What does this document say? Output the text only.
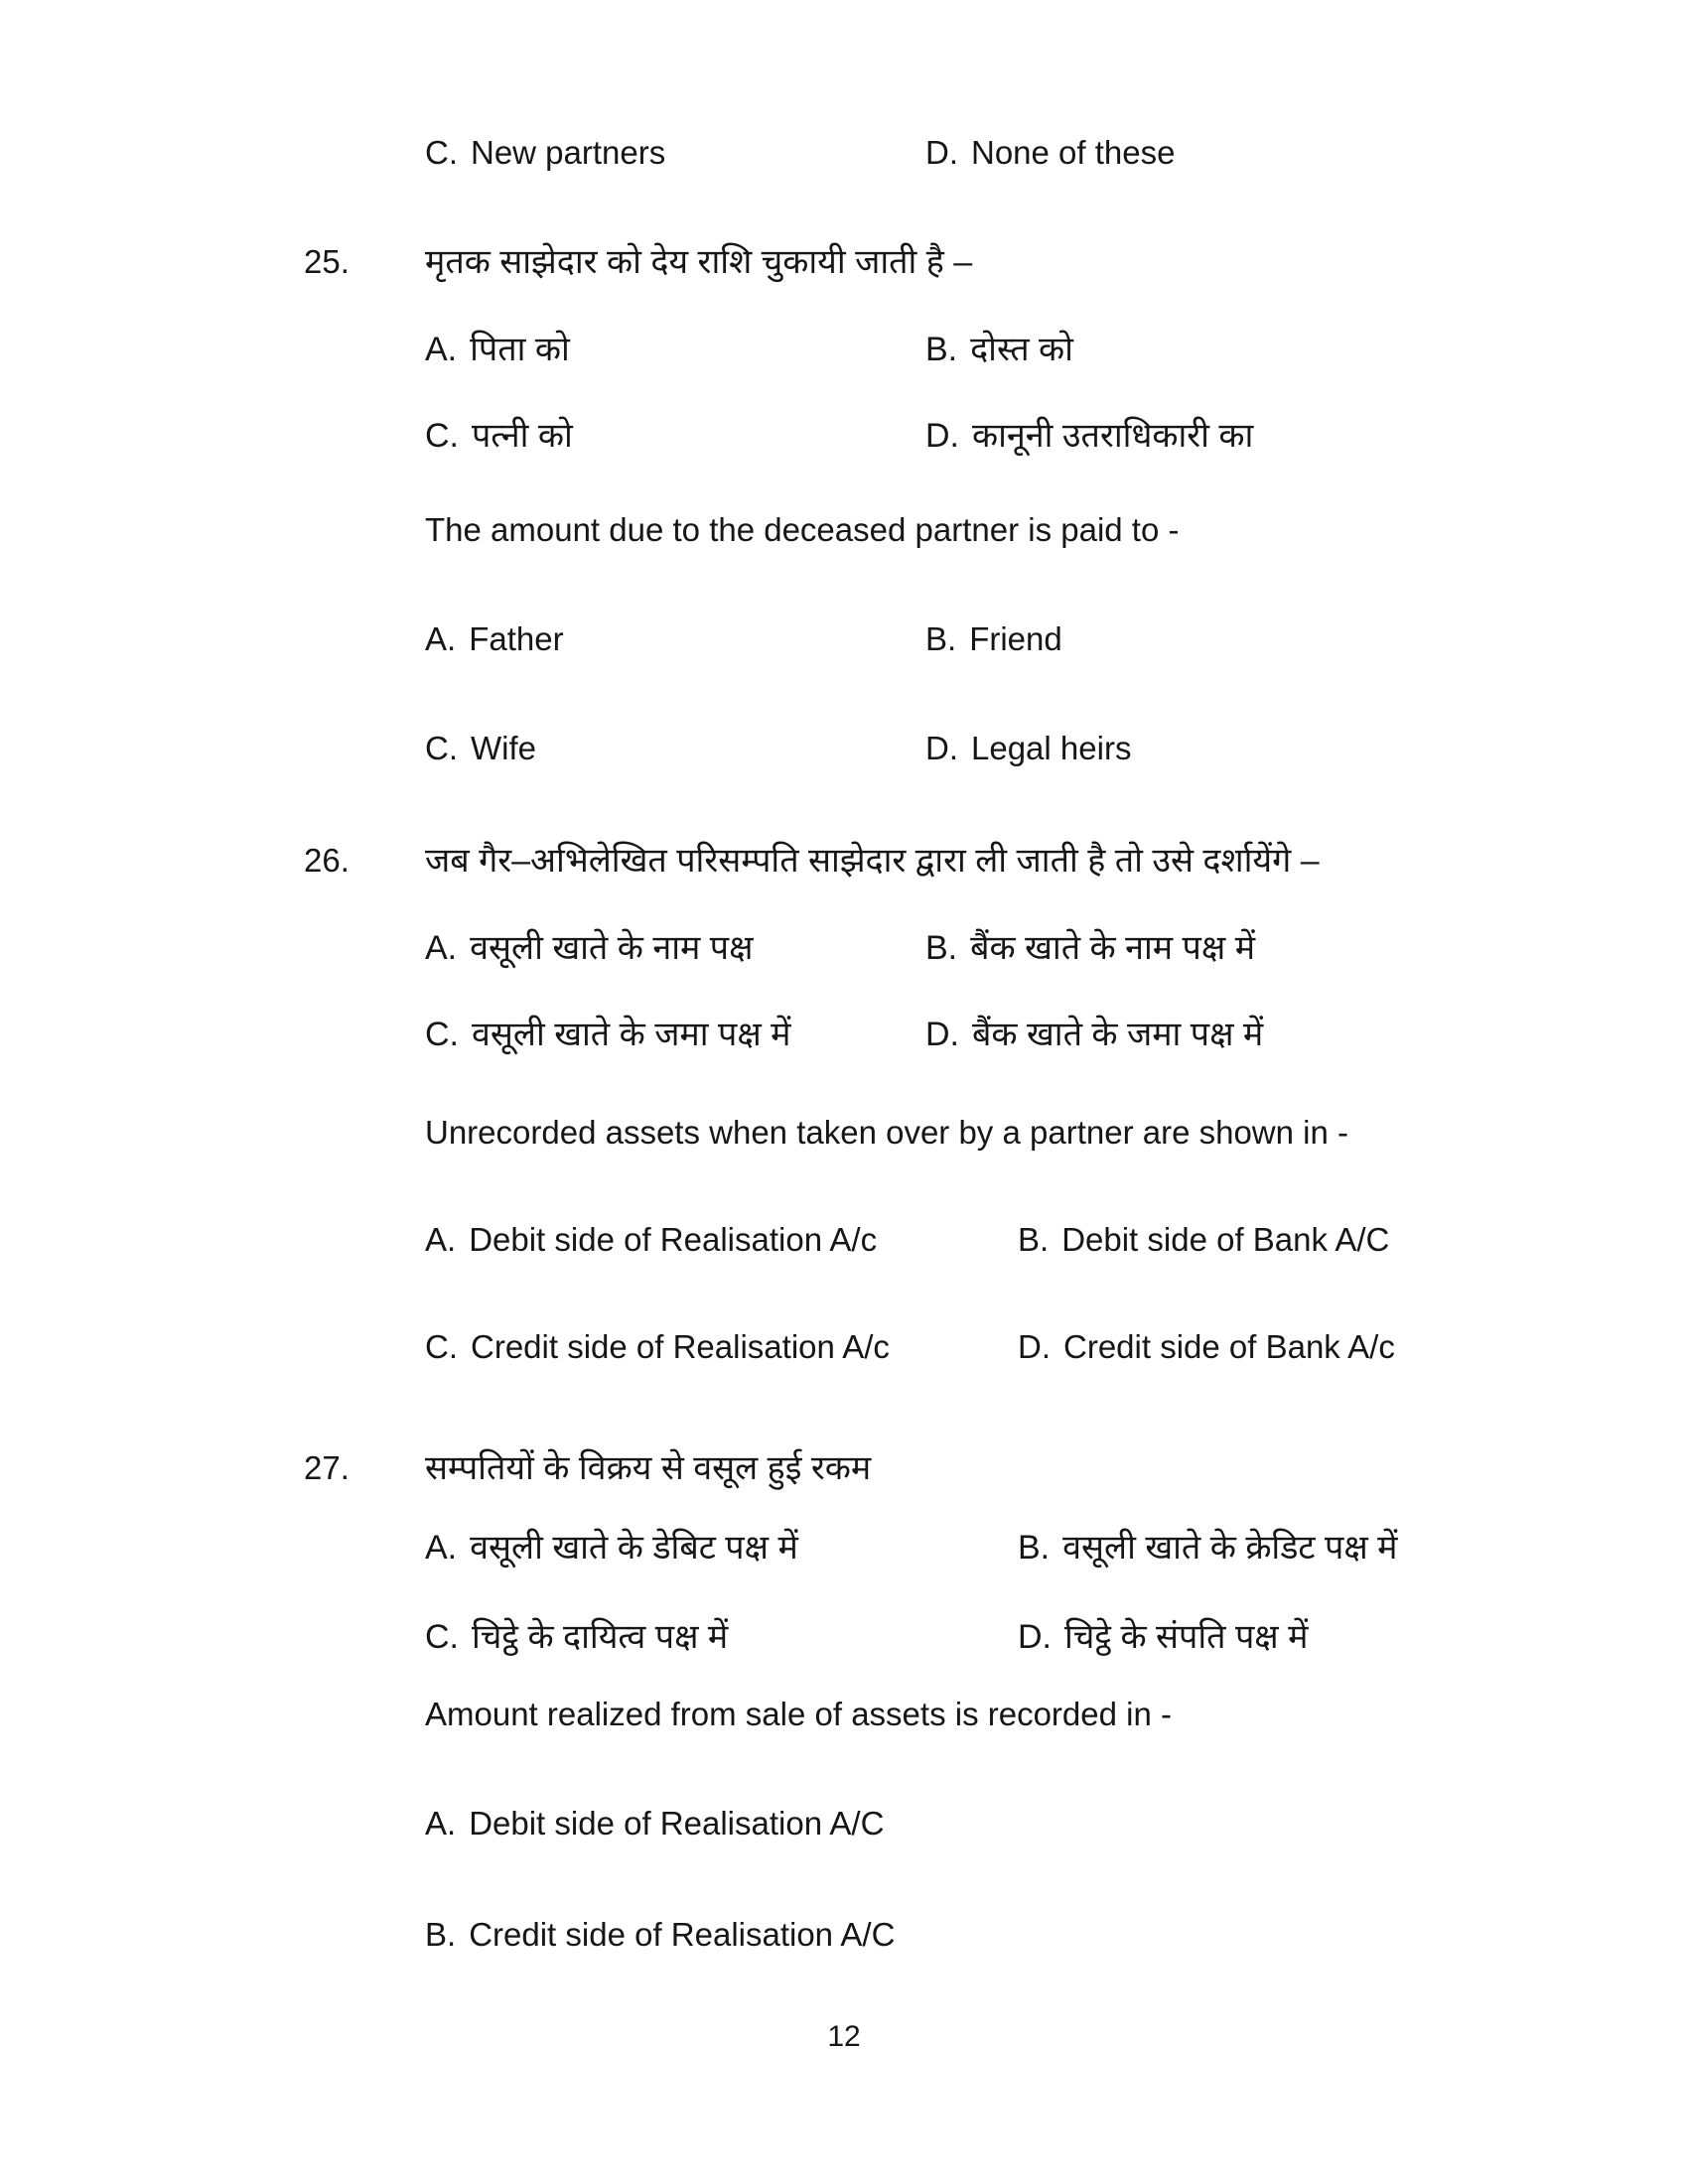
C. New partners	D. None of these
25. मृतक साझेदार को देय राशि चुकायी जाती है –
A. पिता को	B. दोस्त को
C. पत्नी को	D. कानूनी उतराधिकारी का
The amount due to the deceased partner is paid to -
A. Father	B. Friend
C. Wife	D. Legal heirs
26. जब गैर–अभिलेखित परिसम्पति साझेदार द्वारा ली जाती है तो उसे दर्शायेंगे –
A. वसूली खाते के नाम पक्ष	B. बैंक खाते के नाम पक्ष में
C. वसूली खाते के जमा पक्ष में	D. बैंक खाते के जमा पक्ष में
Unrecorded assets when taken over by a partner are shown in -
A. Debit side of Realisation A/c	B. Debit side of Bank A/C
C. Credit side of Realisation A/c	D. Credit side of Bank A/c
27. सम्पतियों के विक्रय से वसूल हुई रकम
A. वसूली खाते के डेबिट पक्ष में	B. वसूली खाते के क्रेडिट पक्ष में
C. चिट्ठे के दायित्व पक्ष में	D. चिट्ठे के संपति पक्ष में
Amount realized from sale of assets is recorded in -
A. Debit side of Realisation A/C
B. Credit side of Realisation A/C
12
